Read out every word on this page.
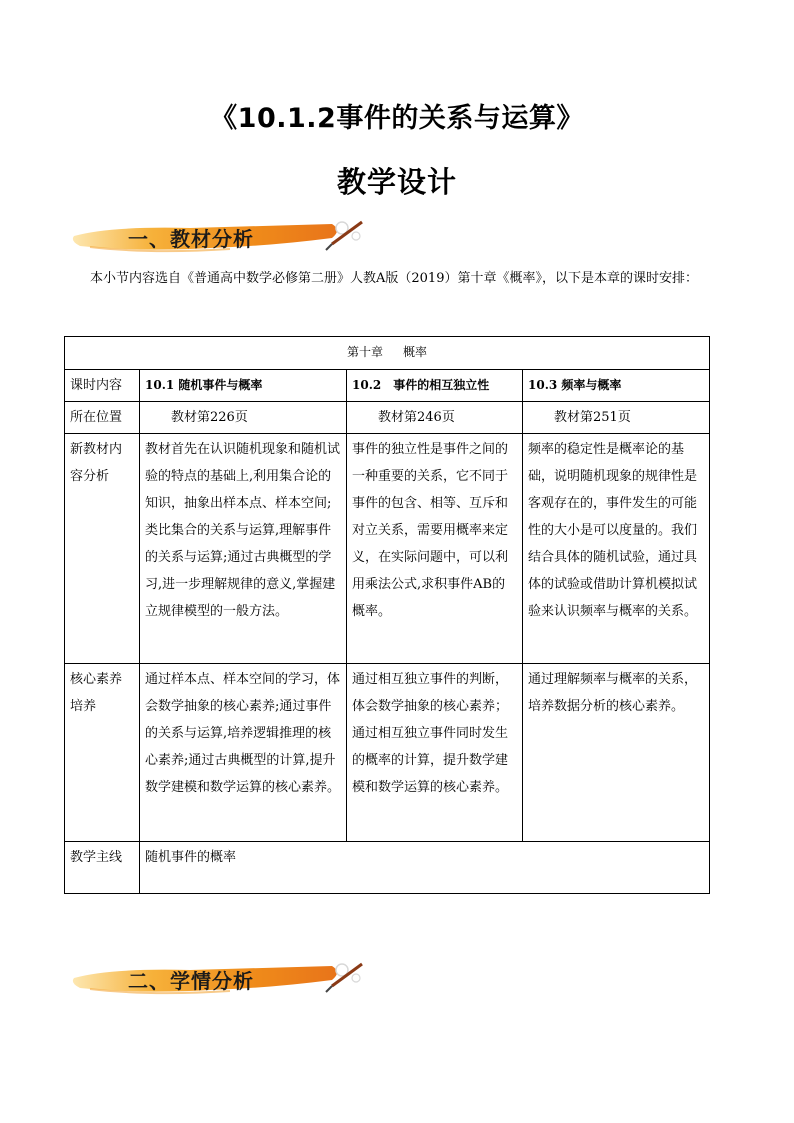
《10.1.2事件的关系与运算》
教学设计
一、教材分析
本小节内容选自《普通高中数学必修第二册》人教A版（2019）第十章《概率》，以下是本章的课时安排：
第十章 概率			
课时内容	10.1 随机事件与概率	10.2　事件的相互独立性	10.3 频率与概率
所在位置	教材第226页	教材第246页	教材第251页
新教材内容分析	教材首先在认识随机现象和随机试验的特点的基础上,利用集合论的知识，抽象出样本点、样本空间;类比集合的关系与运算,理解事件的关系与运算;通过古典概型的学习,进一步理解规律的意义,掌握建立规律模型的一般方法。	事件的独立性是事件之间的一种重要的关系，它不同于事件的包含、相等、互斥和对立关系，需要用概率来定义，在实际问题中，可以利用乘法公式,求积事件AB的概率。	频率的稳定性是概率论的基础，说明随机现象的规律性是客观存在的，事件发生的可能性的大小是可以度量的。我们结合具体的随机试验，通过具体的试验或借助计算机模拟试验来认识频率与概率的关系。
核心素养培养	通过样本点、样本空间的学习，体会数学抽象的核心素养;通过事件的关系与运算,培养逻辑推理的核心素养;通过古典概型的计算,提升数学建模和数学运算的核心素养。	通过相互独立事件的判断，体会数学抽象的核心素养；通过相互独立事件同时发生的概率的计算，提升数学建模和数学运算的核心素养。	通过理解频率与概率的关系，培养数据分析的核心素养。
教学主线	随机事件的概率		
二、学情分析
